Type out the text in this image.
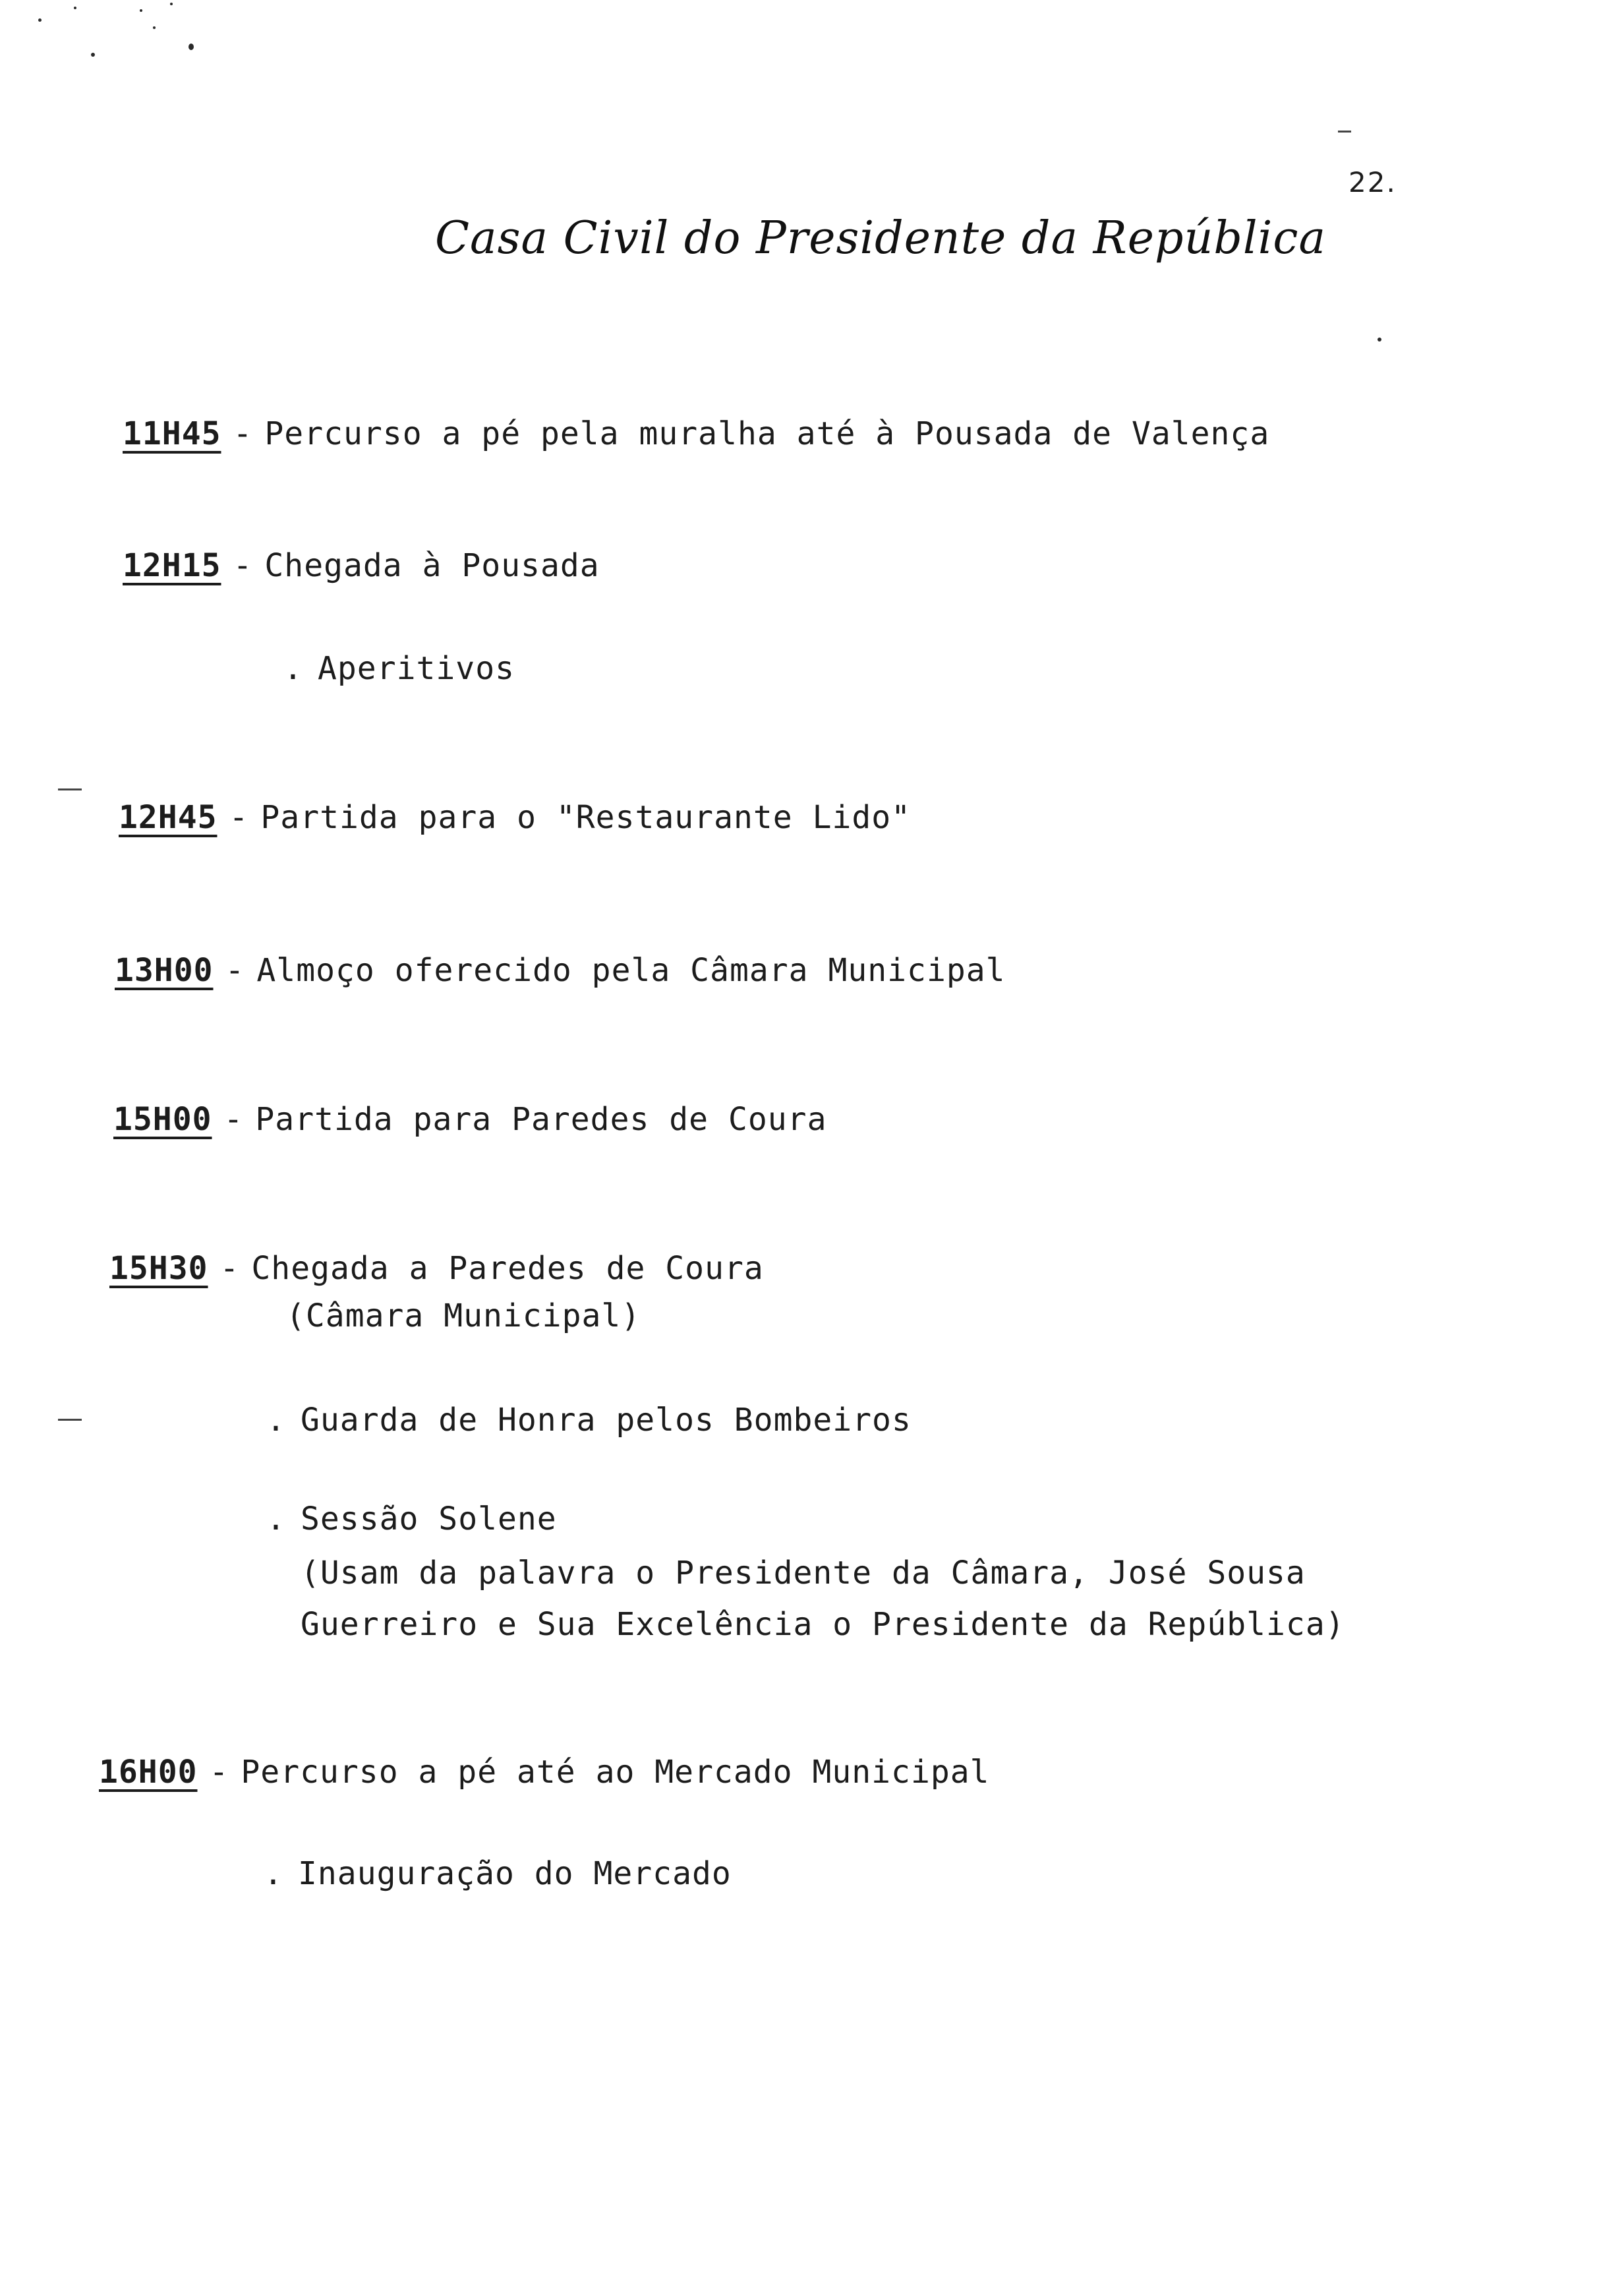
22.
Casa Civil do Presidente da República
11H45 - Percurso a pé pela muralha até à Pousada de Valença
12H15 - Chegada à Pousada
. Aperitivos
12H45 - Partida para o "Restaurante Lido"
13H00 - Almoço oferecido pela Câmara Municipal
15H00 - Partida para Paredes de Coura
15H30 - Chegada a Paredes de Coura
(Câmara Municipal)
. Guarda de Honra pelos Bombeiros
. Sessão Solene
(Usam da palavra o Presidente da Câmara, José Sousa
Guerreiro e Sua Excelência o Presidente da República)
16H00 - Percurso a pé até ao Mercado Municipal
. Inauguração do Mercado
